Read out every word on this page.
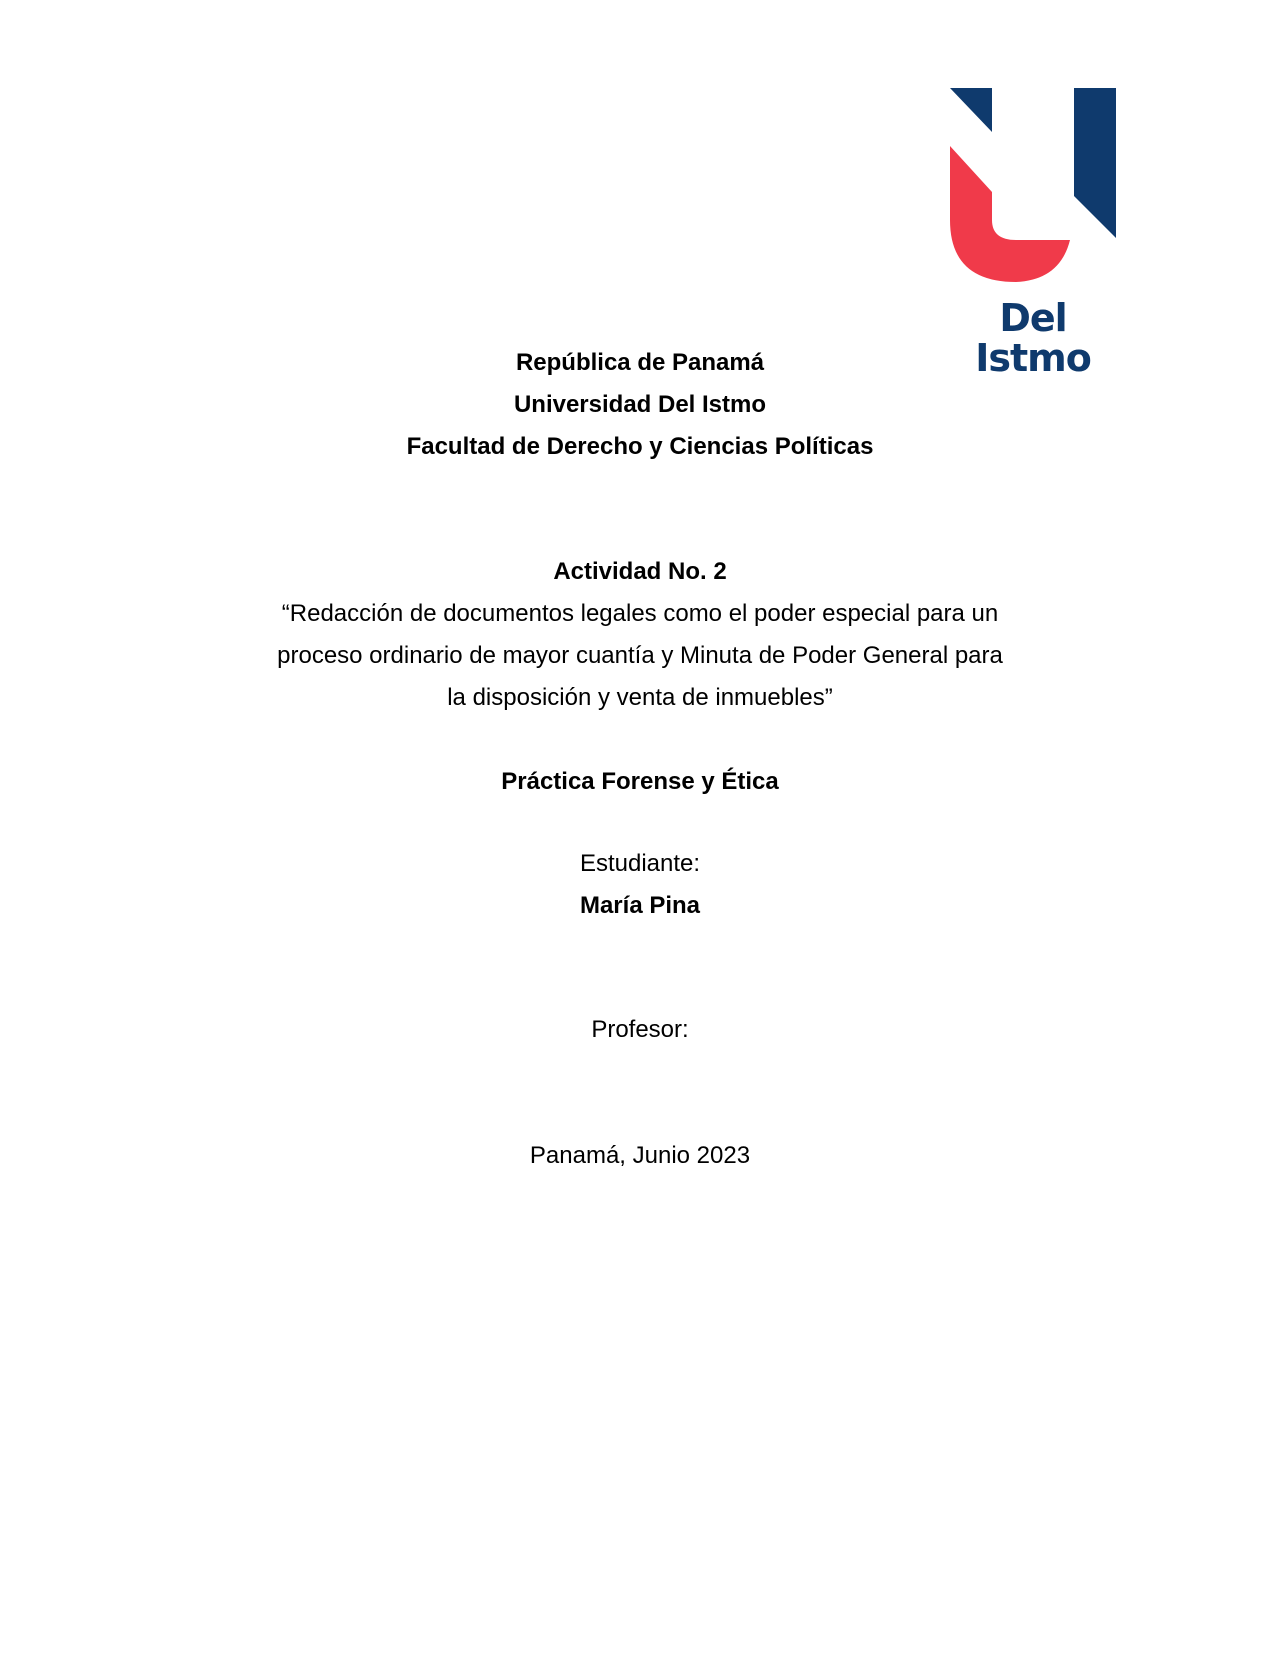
Del Istmo
República de Panamá
Universidad Del Istmo
Facultad de Derecho y Ciencias Políticas
Actividad No. 2
“Redacción de documentos legales como el poder especial para un
proceso ordinario de mayor cuantía y Minuta de Poder General para
la disposición y venta de inmuebles”
Práctica Forense y Ética
Estudiante:
María Pina
Profesor:
Panamá, Junio 2023
